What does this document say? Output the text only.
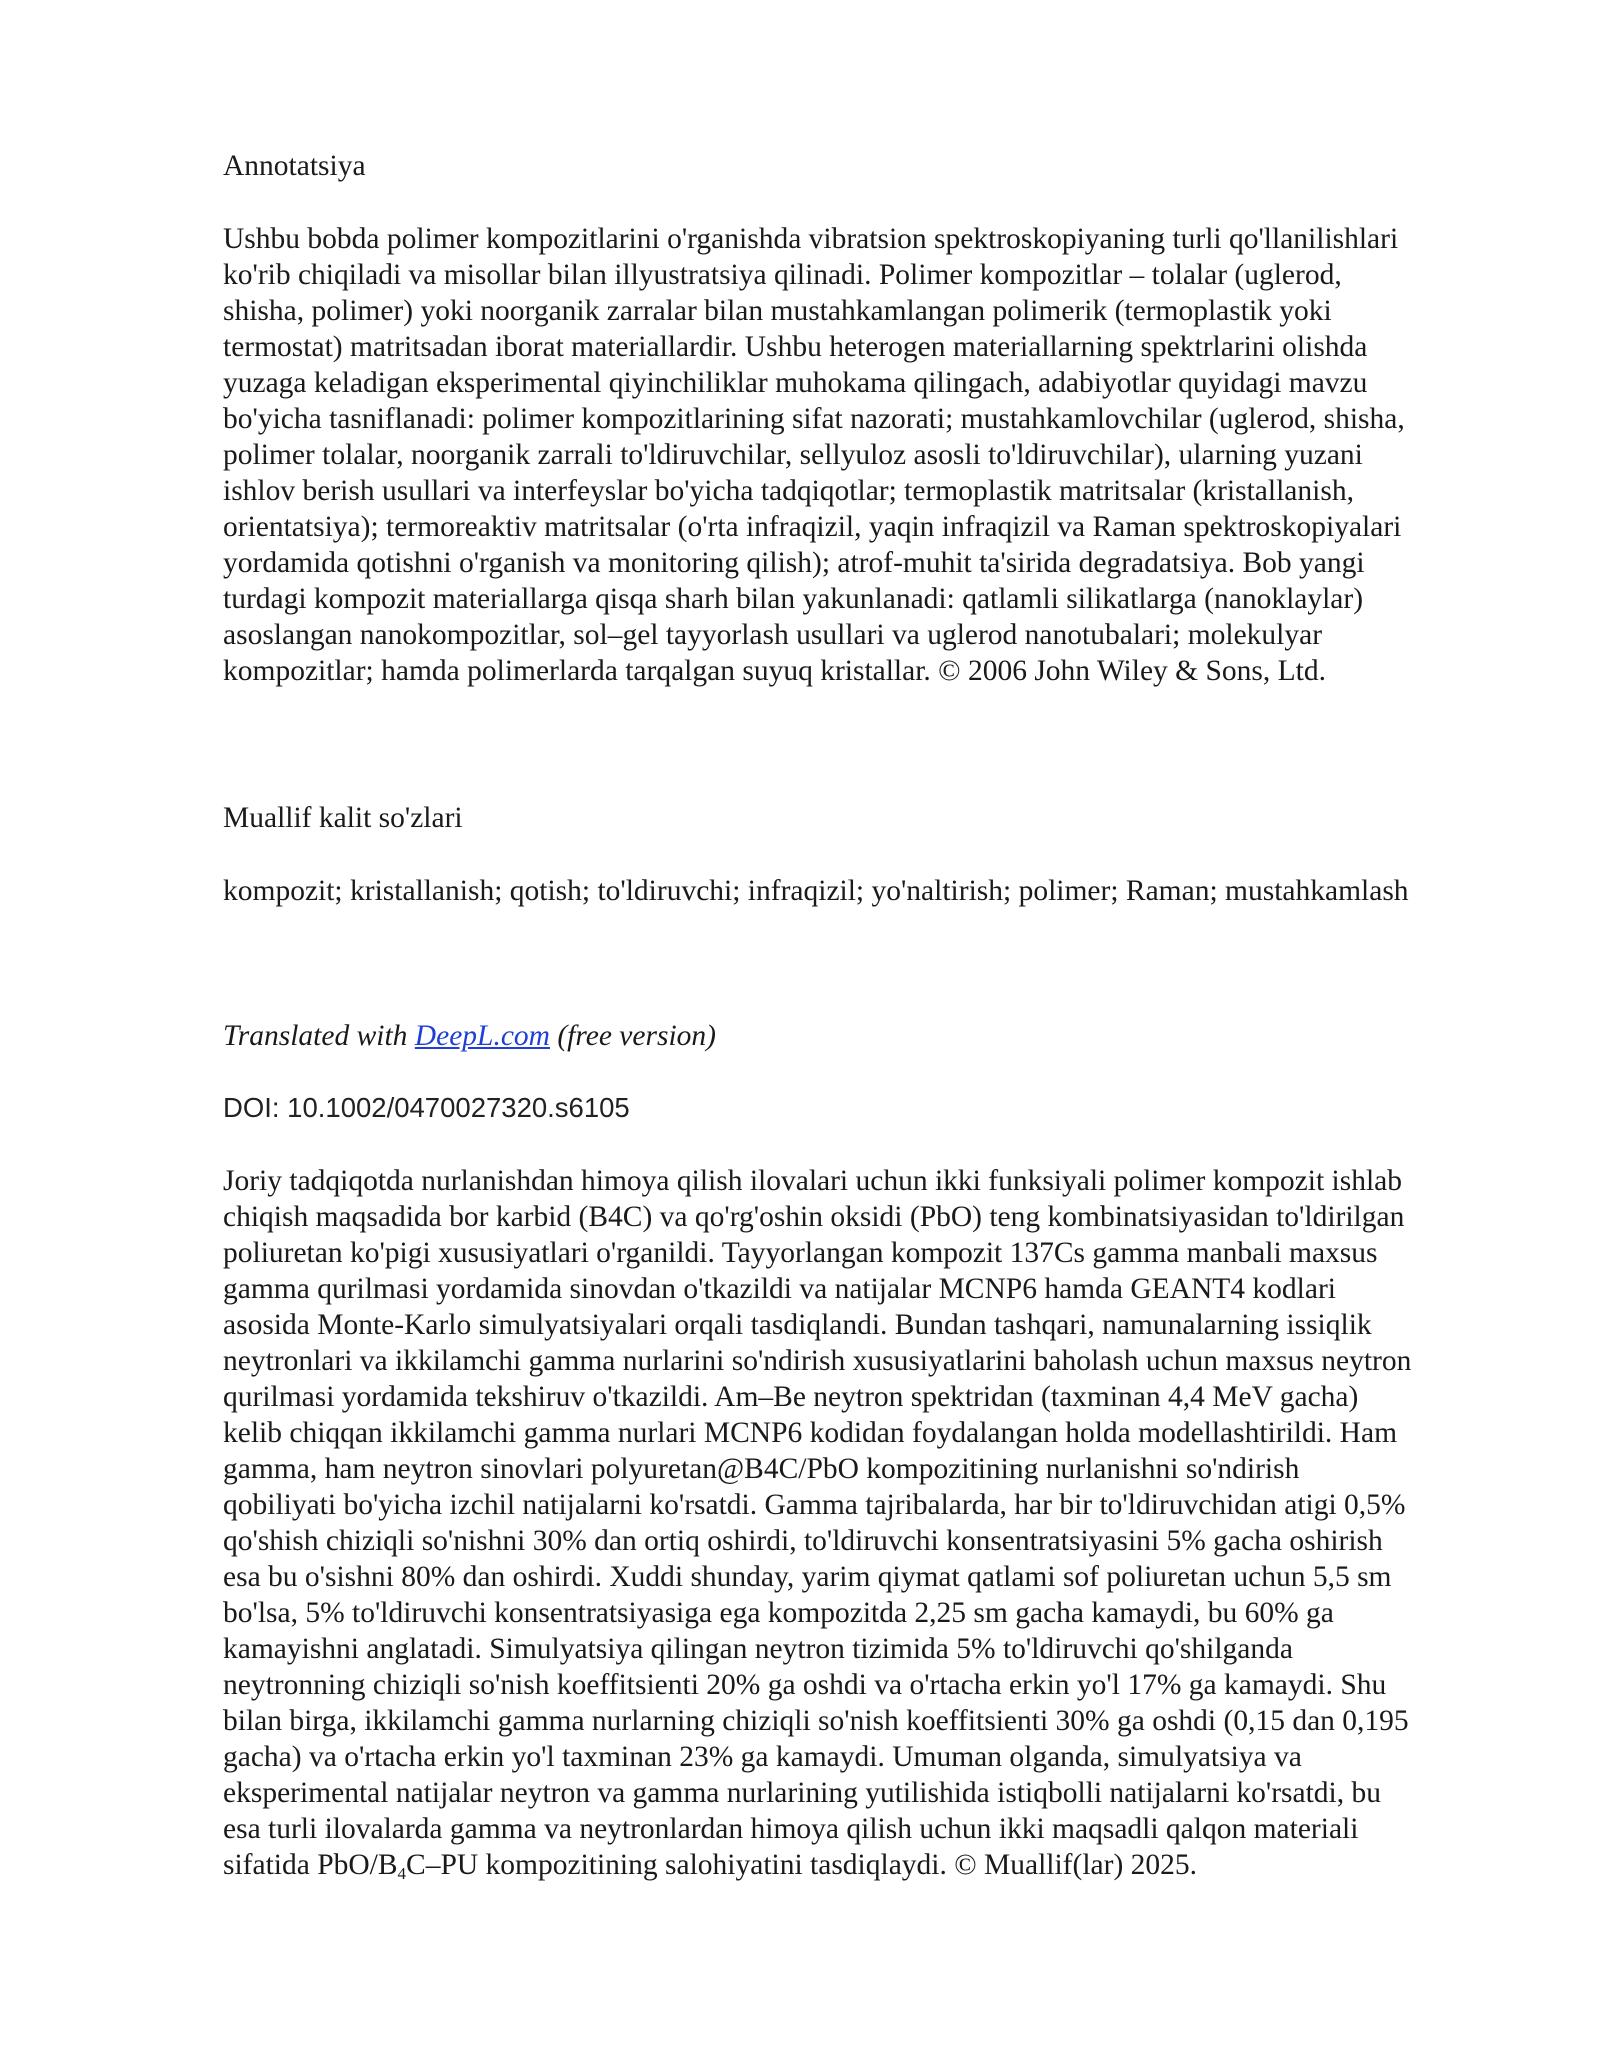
Annotatsiya

Ushbu bobda polimer kompozitlarini o'rganishda vibratsion spektroskopiyaning turli qo'llanilishlari

ko'rib chiqiladi va misollar bilan illyustratsiya qilinadi. Polimer kompozitlar – tolalar (uglerod,

shisha, polimer) yoki noorganik zarralar bilan mustahkamlangan polimerik (termoplastik yoki

termostat) matritsadan iborat materiallardir. Ushbu heterogen materiallarning spektrlarini olishda

yuzaga keladigan eksperimental qiyinchiliklar muhokama qilingach, adabiyotlar quyidagi mavzu

bo'yicha tasniflanadi: polimer kompozitlarining sifat nazorati; mustahkamlovchilar (uglerod, shisha,

polimer tolalar, noorganik zarrali to'ldiruvchilar, sellyuloz asosli to'ldiruvchilar), ularning yuzani

ishlov berish usullari va interfeyslar bo'yicha tadqiqotlar; termoplastik matritsalar (kristallanish,

orientatsiya); termoreaktiv matritsalar (o'rta infraqizil, yaqin infraqizil va Raman spektroskopiyalari

yordamida qotishni o'rganish va monitoring qilish); atrof-muhit ta'sirida degradatsiya. Bob yangi

turdagi kompozit materiallarga qisqa sharh bilan yakunlanadi: qatlamli silikatlarga (nanoklaylar)

asoslangan nanokompozitlar, sol–gel tayyorlash usullari va uglerod nanotubalari; molekulyar

kompozitlar; hamda polimerlarda tarqalgan suyuq kristallar. © 2006 John Wiley & Sons, Ltd.

Muallif kalit so'zlari

kompozit; kristallanish; qotish; to'ldiruvchi; infraqizil; yo'naltirish; polimer; Raman; mustahkamlash

Translated with DeepL.com (free version)

DOI: 10.1002/0470027320.s6105

Joriy tadqiqotda nurlanishdan himoya qilish ilovalari uchun ikki funksiyali polimer kompozit ishlab

chiqish maqsadida bor karbid (B4C) va qo'rg'oshin oksidi (PbO) teng kombinatsiyasidan to'ldirilgan

poliuretan ko'pigi xususiyatlari o'rganildi. Tayyorlangan kompozit 137Cs gamma manbali maxsus

gamma qurilmasi yordamida sinovdan o'tkazildi va natijalar MCNP6 hamda GEANT4 kodlari

asosida Monte-Karlo simulyatsiyalari orqali tasdiqlandi. Bundan tashqari, namunalarning issiqlik

neytronlari va ikkilamchi gamma nurlarini so'ndirish xususiyatlarini baholash uchun maxsus neytron

qurilmasi yordamida tekshiruv o'tkazildi. Am–Be neytron spektridan (taxminan 4,4 MeV gacha)

kelib chiqqan ikkilamchi gamma nurlari MCNP6 kodidan foydalangan holda modellashtirildi. Ham

gamma, ham neytron sinovlari polyuretan@B4C/PbO kompozitining nurlanishni so'ndirish

qobiliyati bo'yicha izchil natijalarni ko'rsatdi. Gamma tajribalarda, har bir to'ldiruvchidan atigi 0,5%

qo'shish chiziqli so'nishni 30% dan ortiq oshirdi, to'ldiruvchi konsentratsiyasini 5% gacha oshirish

esa bu o'sishni 80% dan oshirdi. Xuddi shunday, yarim qiymat qatlami sof poliuretan uchun 5,5 sm

bo'lsa, 5% to'ldiruvchi konsentratsiyasiga ega kompozitda 2,25 sm gacha kamaydi, bu 60% ga

kamayishni anglatadi. Simulyatsiya qilingan neytron tizimida 5% to'ldiruvchi qo'shilganda

neytronning chiziqli so'nish koeffitsienti 20% ga oshdi va o'rtacha erkin yo'l 17% ga kamaydi. Shu

bilan birga, ikkilamchi gamma nurlarning chiziqli so'nish koeffitsienti 30% ga oshdi (0,15 dan 0,195

gacha) va o'rtacha erkin yo'l taxminan 23% ga kamaydi. Umuman olganda, simulyatsiya va

eksperimental natijalar neytron va gamma nurlarining yutilishida istiqbolli natijalarni ko'rsatdi, bu

esa turli ilovalarda gamma va neytronlardan himoya qilish uchun ikki maqsadli qalqon materiali

sifatida PbO/$B_4C-PU$ kompozitining salohiyatini tasdiqlaydi. © Muallif(lar) 2025.
